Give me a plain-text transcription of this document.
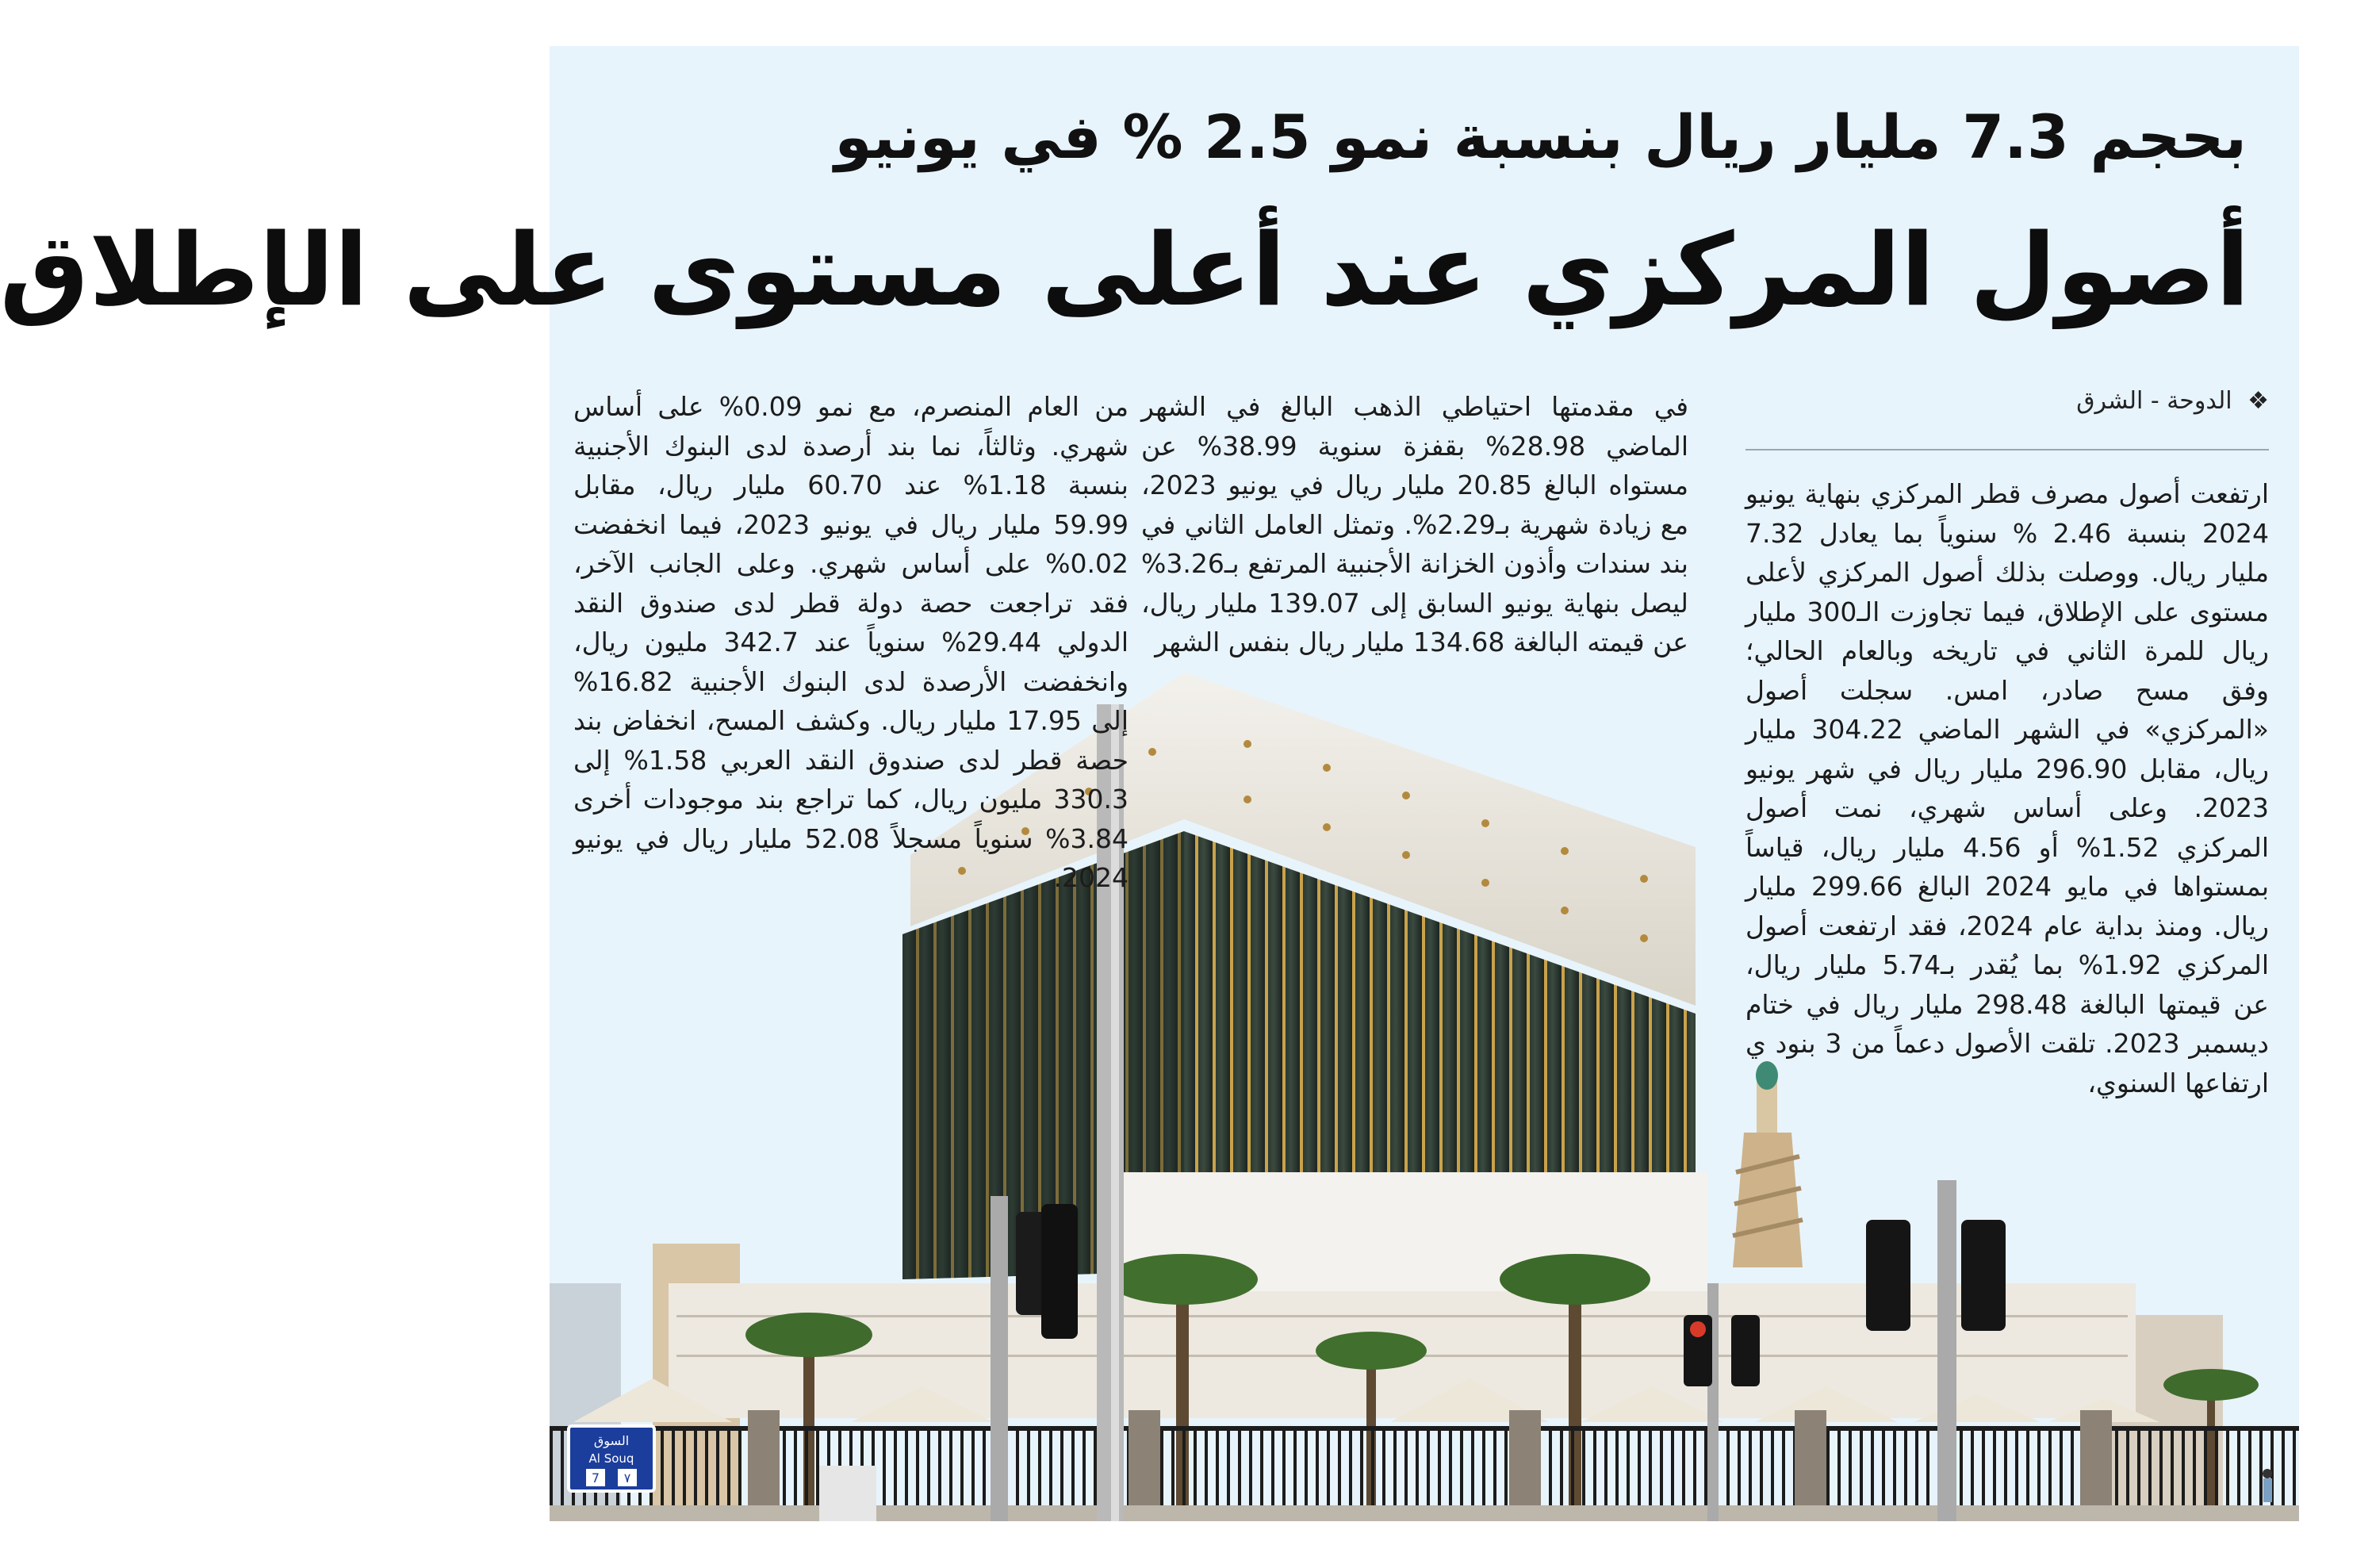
السوق
Al Souq
7 ٧
بحجم 7.3 مليار ريال بنسبة نمو 2.5 % في يونيو
أصول المركزي عند أعلى مستوى على الإطلاق
❖ الدوحة - الشرق

ارتفعت أصول مصرف قطر المركزي بنهاية يونيو 2024 بنسبة 2.46 % سنوياً بما يعادل 7.32 مليار ريال. ووصلت بذلك أصول المركزي لأعلى مستوى على الإطلاق، فيما تجاوزت الـ300 مليار ريال للمرة الثاني في تاريخه وبالعام الحالي؛ وفق مسح صادر، امس. سجلت أصول «المركزي» في الشهر الماضي 304.22 مليار ريال، مقابل 296.90 مليار ريال في شهر يونيو 2023. وعلى أساس شهري، نمت أصول المركزي 1.52% أو 4.56 مليار ريال، قياساً بمستواها في مايو 2024 البالغ 299.66 مليار ريال. ومنذ بداية عام 2024، فقد ارتفعت أصول المركزي 1.92% بما يُقدر بـ5.74 مليار ريال، عن قيمتها البالغة 298.48 مليار ريال في ختام ديسمبر 2023. تلقت الأصول دعماً من 3 بنود ي ارتفاعها السنوي،

في مقدمتها احتياطي الذهب البالغ في الشهر الماضي 28.98% بقفزة سنوية 38.99% عن مستواه البالغ 20.85 مليار ريال في يونيو 2023، مع زيادة شهرية بـ2.29%. وتمثل العامل الثاني في بند سندات وأذون الخزانة الأجنبية المرتفع بـ3.26% ليصل بنهاية يونيو السابق إلى 139.07 مليار ريال، عن قيمته البالغة 134.68 مليار ريال بنفس الشهر

من العام المنصرم، مع نمو 0.09% على أساس شهري. وثالثاً، نما بند أرصدة لدى البنوك الأجنبية بنسبة 1.18% عند 60.70 مليار ريال، مقابل 59.99 مليار ريال في يونيو 2023، فيما انخفضت 0.02% على أساس شهري. وعلى الجانب الآخر، فقد تراجعت حصة دولة قطر لدى صندوق النقد الدولي 29.44% سنوياً عند 342.7 مليون ريال، وانخفضت الأرصدة لدى البنوك الأجنبية 16.82% إلى 17.95 مليار ريال. وكشف المسح، انخفاض بند حصة قطر لدى صندوق النقد العربي 1.58% إلى 330.3 مليون ريال، كما تراجع بند موجودات أخرى 3.84% سنوياً مسجلاً 52.08 مليار ريال في يونيو 2024.
